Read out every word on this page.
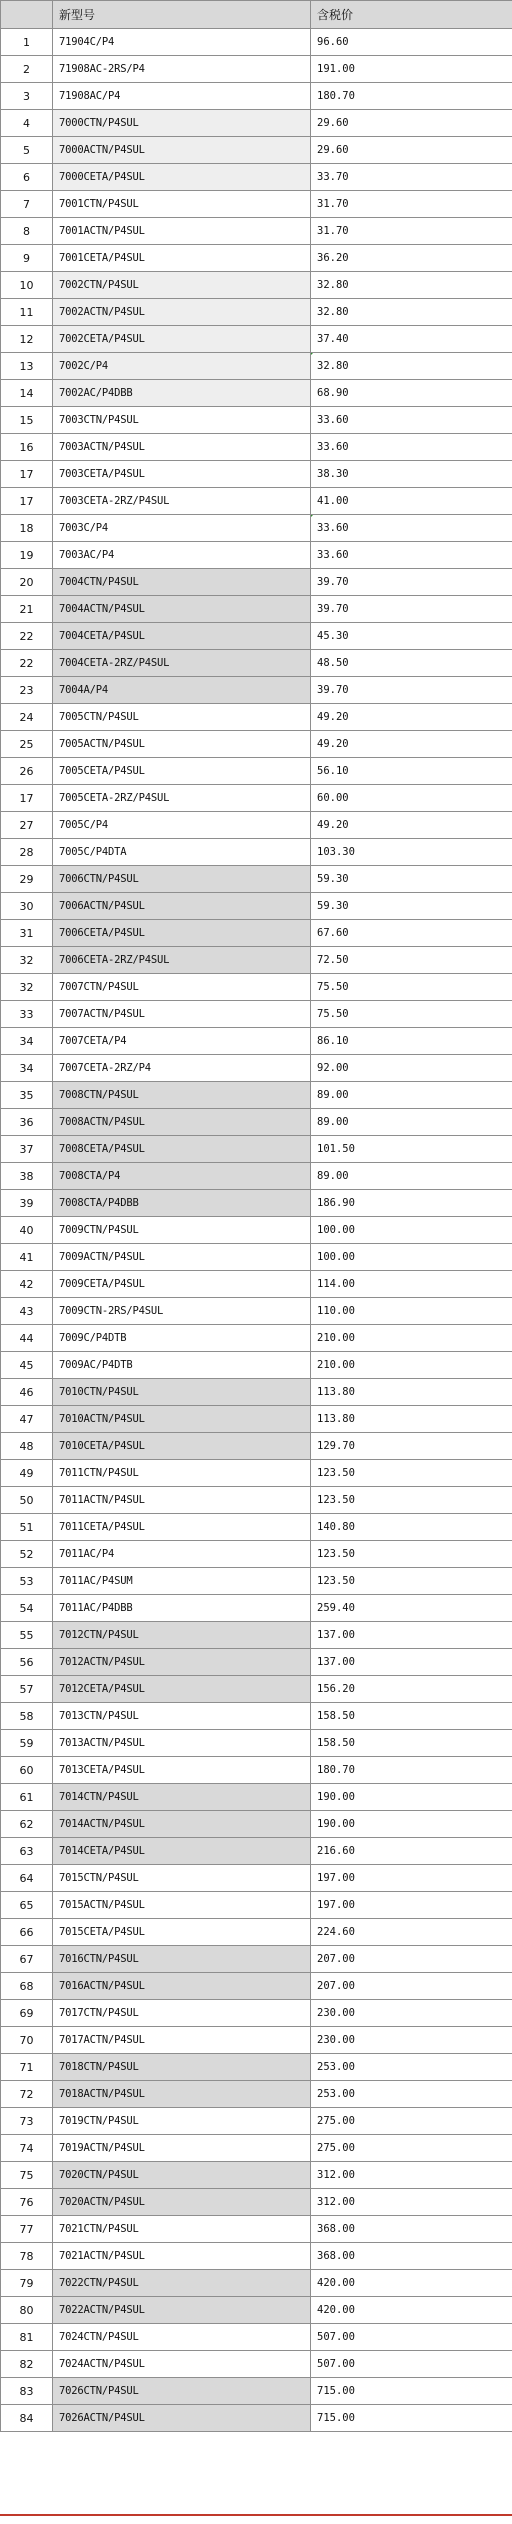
	新型号	含税价
1	71904C/P4	96.60
2	71908AC-2RS/P4	191.00
3	71908AC/P4	180.70
4	7000CTN/P4SUL	29.60
5	7000ACTN/P4SUL	29.60
6	7000CETA/P4SUL	33.70
7	7001CTN/P4SUL	31.70
8	7001ACTN/P4SUL	31.70
9	7001CETA/P4SUL	36.20
10	7002CTN/P4SUL	32.80
11	7002ACTN/P4SUL	32.80
12	7002CETA/P4SUL	37.40
13	7002C/P4	32.80
14	7002AC/P4DBB	68.90
15	7003CTN/P4SUL	33.60
16	7003ACTN/P4SUL	33.60
17	7003CETA/P4SUL	38.30
17	7003CETA-2RZ/P4SUL	41.00
18	7003C/P4	33.60
19	7003AC/P4	33.60
20	7004CTN/P4SUL	39.70
21	7004ACTN/P4SUL	39.70
22	7004CETA/P4SUL	45.30
22	7004CETA-2RZ/P4SUL	48.50
23	7004A/P4	39.70
24	7005CTN/P4SUL	49.20
25	7005ACTN/P4SUL	49.20
26	7005CETA/P4SUL	56.10
17	7005CETA-2RZ/P4SUL	60.00
27	7005C/P4	49.20
28	7005C/P4DTA	103.30
29	7006CTN/P4SUL	59.30
30	7006ACTN/P4SUL	59.30
31	7006CETA/P4SUL	67.60
32	7006CETA-2RZ/P4SUL	72.50
32	7007CTN/P4SUL	75.50
33	7007ACTN/P4SUL	75.50
34	7007CETA/P4	86.10
34	7007CETA-2RZ/P4	92.00
35	7008CTN/P4SUL	89.00
36	7008ACTN/P4SUL	89.00
37	7008CETA/P4SUL	101.50
38	7008CTA/P4	89.00
39	7008CTA/P4DBB	186.90
40	7009CTN/P4SUL	100.00
41	7009ACTN/P4SUL	100.00
42	7009CETA/P4SUL	114.00
43	7009CTN-2RS/P4SUL	110.00
44	7009C/P4DTB	210.00
45	7009AC/P4DTB	210.00
46	7010CTN/P4SUL	113.80
47	7010ACTN/P4SUL	113.80
48	7010CETA/P4SUL	129.70
49	7011CTN/P4SUL	123.50
50	7011ACTN/P4SUL	123.50
51	7011CETA/P4SUL	140.80
52	7011AC/P4	123.50
53	7011AC/P4SUM	123.50
54	7011AC/P4DBB	259.40
55	7012CTN/P4SUL	137.00
56	7012ACTN/P4SUL	137.00
57	7012CETA/P4SUL	156.20
58	7013CTN/P4SUL	158.50
59	7013ACTN/P4SUL	158.50
60	7013CETA/P4SUL	180.70
61	7014CTN/P4SUL	190.00
62	7014ACTN/P4SUL	190.00
63	7014CETA/P4SUL	216.60
64	7015CTN/P4SUL	197.00
65	7015ACTN/P4SUL	197.00
66	7015CETA/P4SUL	224.60
67	7016CTN/P4SUL	207.00
68	7016ACTN/P4SUL	207.00
69	7017CTN/P4SUL	230.00
70	7017ACTN/P4SUL	230.00
71	7018CTN/P4SUL	253.00
72	7018ACTN/P4SUL	253.00
73	7019CTN/P4SUL	275.00
74	7019ACTN/P4SUL	275.00
75	7020CTN/P4SUL	312.00
76	7020ACTN/P4SUL	312.00
77	7021CTN/P4SUL	368.00
78	7021ACTN/P4SUL	368.00
79	7022CTN/P4SUL	420.00
80	7022ACTN/P4SUL	420.00
81	7024CTN/P4SUL	507.00
82	7024ACTN/P4SUL	507.00
83	7026CTN/P4SUL	715.00
84	7026ACTN/P4SUL	715.00
